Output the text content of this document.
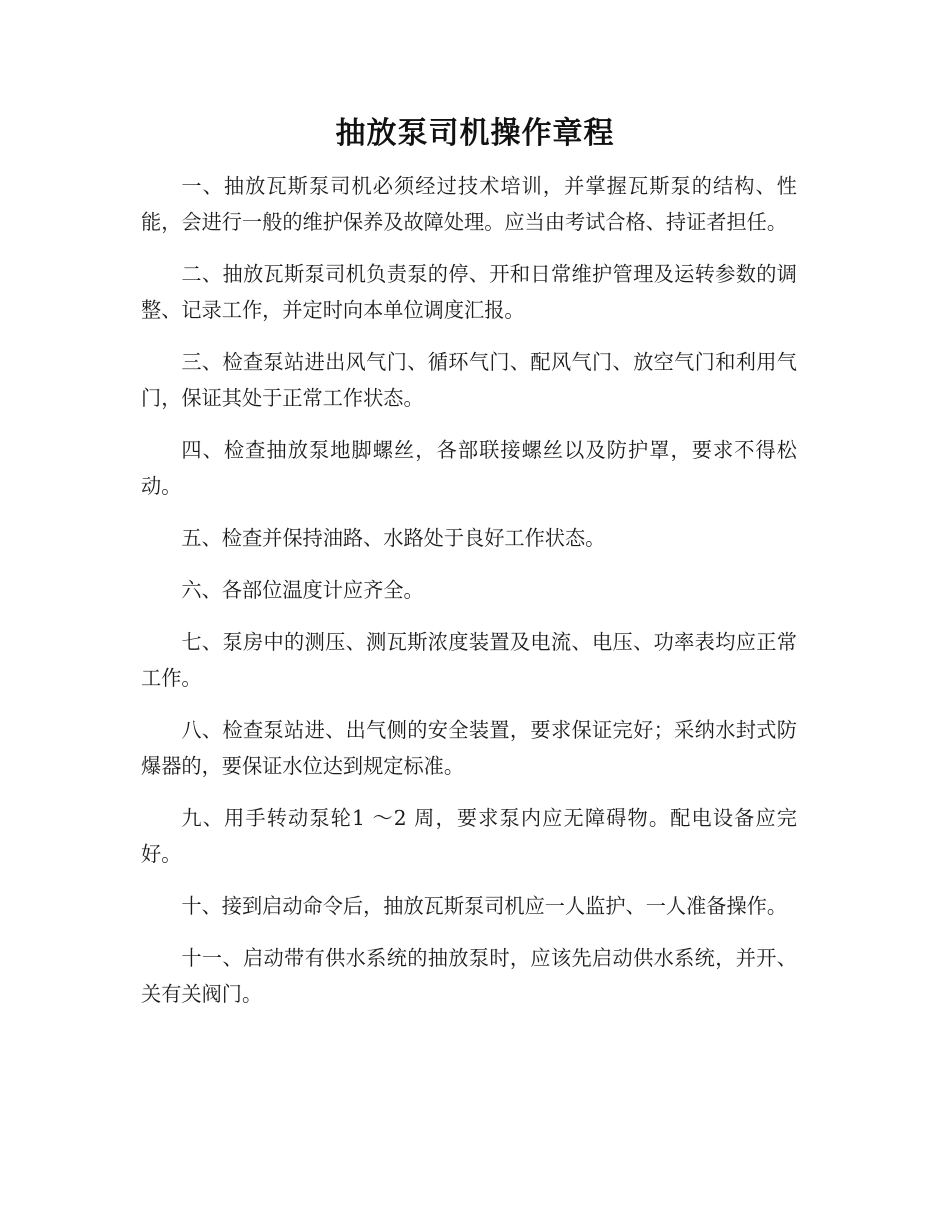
抽放泵司机操作章程

一、抽放瓦斯泵司机必须经过技术培训，并掌握瓦斯泵的结构、性能，会进行一般的维护保养及故障处理。应当由考试合格、持证者担任。

二、抽放瓦斯泵司机负责泵的停、开和日常维护管理及运转参数的调整、记录工作，并定时向本单位调度汇报。

三、检查泵站进出风气门、循环气门、配风气门、放空气门和利用气门，保证其处于正常工作状态。

四、检查抽放泵地脚螺丝，各部联接螺丝以及防护罩，要求不得松动。

五、检查并保持油路、水路处于良好工作状态。

六、各部位温度计应齐全。

七、泵房中的测压、测瓦斯浓度装置及电流、电压、功率表均应正常工作。

八、检查泵站进、出气侧的安全装置，要求保证完好；采纳水封式防爆器的，要保证水位达到规定标准。

九、用手转动泵轮1 ～2 周，要求泵内应无障碍物。配电设备应完好。

十、接到启动命令后，抽放瓦斯泵司机应一人监护、一人准备操作。

十一、启动带有供水系统的抽放泵时，应该先启动供水系统，并开、关有关阀门。
